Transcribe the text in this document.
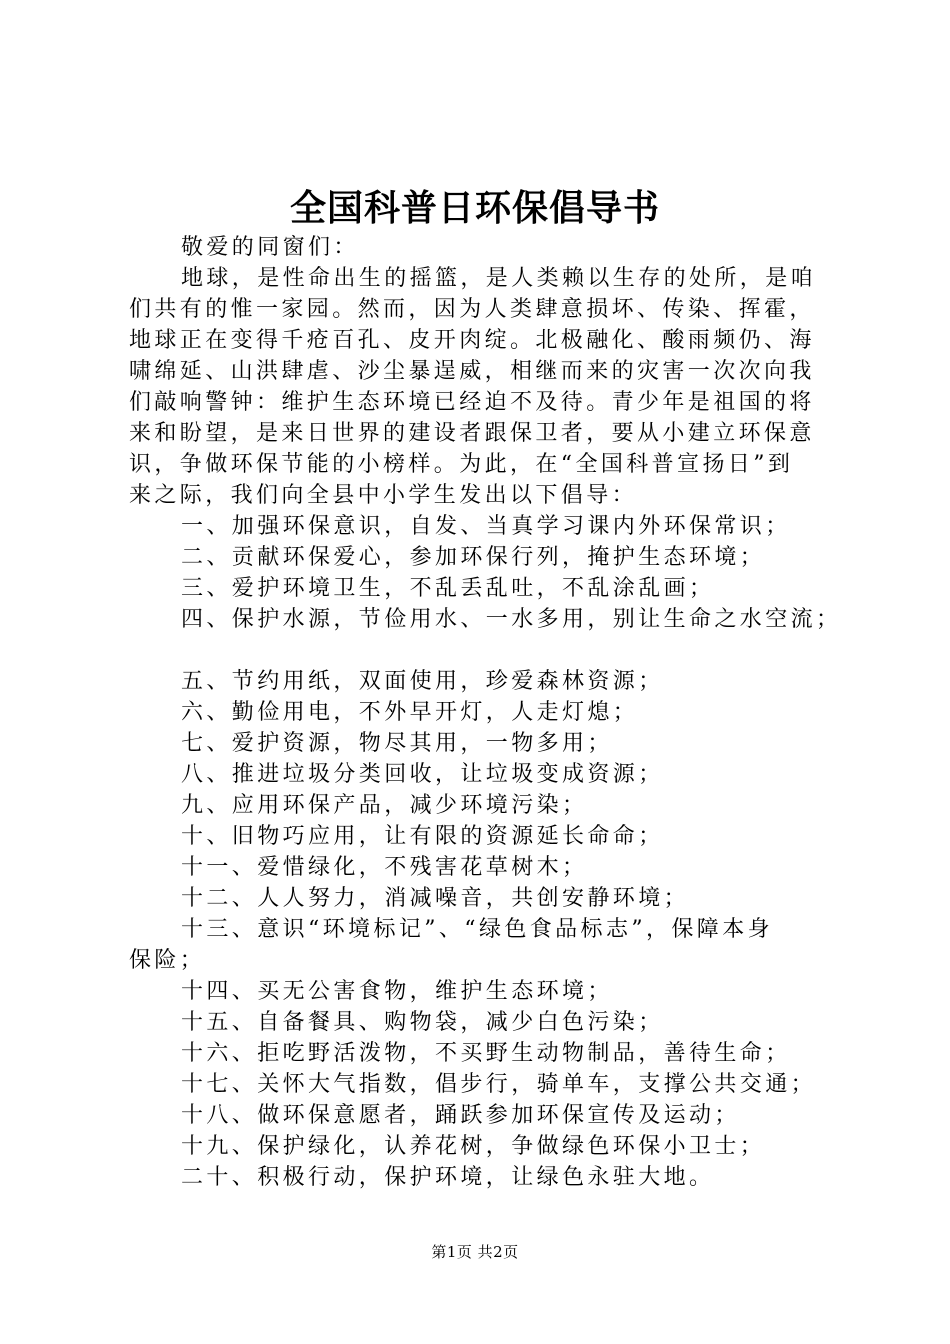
全国科普日环保倡导书

敬爱的同窗们：

地球，是性命出生的摇篮，是人类赖以生存的处所，是咱

们共有的惟一家园。然而，因为人类肆意损坏、传染、挥霍，

地球正在变得千疮百孔、皮开肉绽。北极融化、酸雨频仍、海

啸绵延、山洪肆虐、沙尘暴逞威，相继而来的灾害一次次向我

们敲响警钟：维护生态环境已经迫不及待。青少年是祖国的将

来和盼望，是来日世界的建设者跟保卫者，要从小建立环保意

识，争做环保节能的小榜样。为此，在“全国科普宣扬日”到

来之际，我们向全县中小学生发出以下倡导：

一、加强环保意识，自发、当真学习课内外环保常识；

二、贡献环保爱心，参加环保行列，掩护生态环境；

三、爱护环境卫生，不乱丢乱吐，不乱涂乱画；

四、保护水源，节俭用水、一水多用，别让生命之水空流；

五、节约用纸，双面使用，珍爱森林资源；

六、勤俭用电，不外早开灯，人走灯熄；

七、爱护资源，物尽其用，一物多用；

八、推进垃圾分类回收，让垃圾变成资源；

九、应用环保产品，减少环境污染；

十、旧物巧应用，让有限的资源延长命命；

十一、爱惜绿化，不残害花草树木；

十二、人人努力，消减噪音，共创安静环境；

十三、意识“环境标记”、“绿色食品标志”，保障本身

保险；

十四、买无公害食物，维护生态环境；

十五、自备餐具、购物袋，减少白色污染；

十六、拒吃野活泼物，不买野生动物制品，善待生命；

十七、关怀大气指数，倡步行，骑单车，支撑公共交通；

十八、做环保意愿者，踊跃参加环保宣传及运动；

十九、保护绿化，认养花树，争做绿色环保小卫士；

二十、积极行动，保护环境，让绿色永驻大地。

第1页 共2页
